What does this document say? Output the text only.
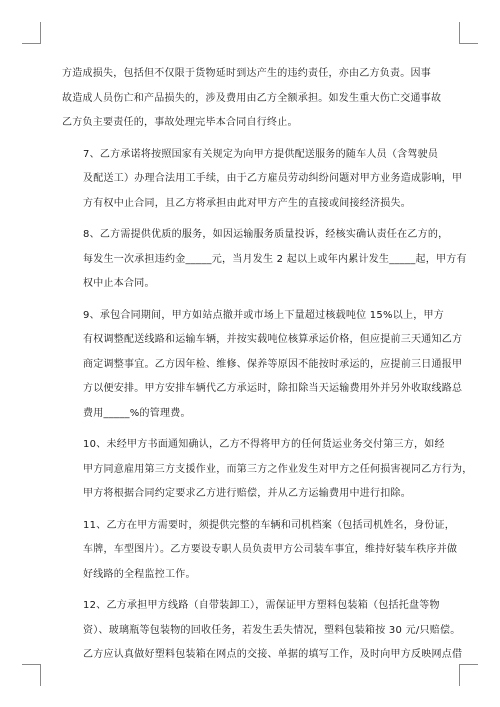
方造成损失，包括但不仅限于货物延时到达产生的违约责任，亦由乙方负责。因事
故造成人员伤亡和产品损失的，涉及费用由乙方全额承担。如发生重大伤亡交通事故
乙方负主要责任的，事故处理完毕本合同自行终止。

7、乙方承诺将按照国家有关规定为向甲方提供配送服务的随车人员（含驾驶员
及配送工）办理合法用工手续，由于乙方雇员劳动纠纷问题对甲方业务造成影响，甲
方有权中止合同，且乙方将承担由此对甲方产生的直接或间接经济损失。

8、乙方需提供优质的服务，如因运输服务质量投诉，经核实确认责任在乙方的，
每发生一次承担违约金_____元，当月发生 2 起以上或年内累计发生_____起，甲方有
权中止本合同。

9、承包合同期间，甲方如站点撤并或市场上下量超过核载吨位 15%以上，甲方
有权调整配送线路和运输车辆，并按实载吨位核算承运价格，但应提前三天通知乙方
商定调整事宜。乙方因年检、维修、保养等原因不能按时承运的，应提前三日通报甲
方以便安排。甲方安排车辆代乙方承运时，除扣除当天运输费用外并另外收取线路总
费用_____%的管理费。

10、未经甲方书面通知确认，乙方不得将甲方的任何货运业务交付第三方，如经
甲方同意雇用第三方支援作业，而第三方之作业发生对甲方之任何损害视同乙方行为，
甲方将根据合同约定要求乙方进行赔偿，并从乙方运输费用中进行扣除。

11、乙方在甲方需要时，须提供完整的车辆和司机档案（包括司机姓名，身份证，
车牌，车型图片）。乙方要设专职人员负责甲方公司装车事宜，维持好装车秩序并做
好线路的全程监控工作。

12、乙方承担甲方线路（自带装卸工），需保证甲方塑料包装箱（包括托盘等物
资）、玻璃瓶等包装物的回收任务，若发生丢失情况，塑料包装箱按 30 元/只赔偿。
乙方应认真做好塑料包装箱在网点的交接、单据的填写工作，及时向甲方反映网点借
